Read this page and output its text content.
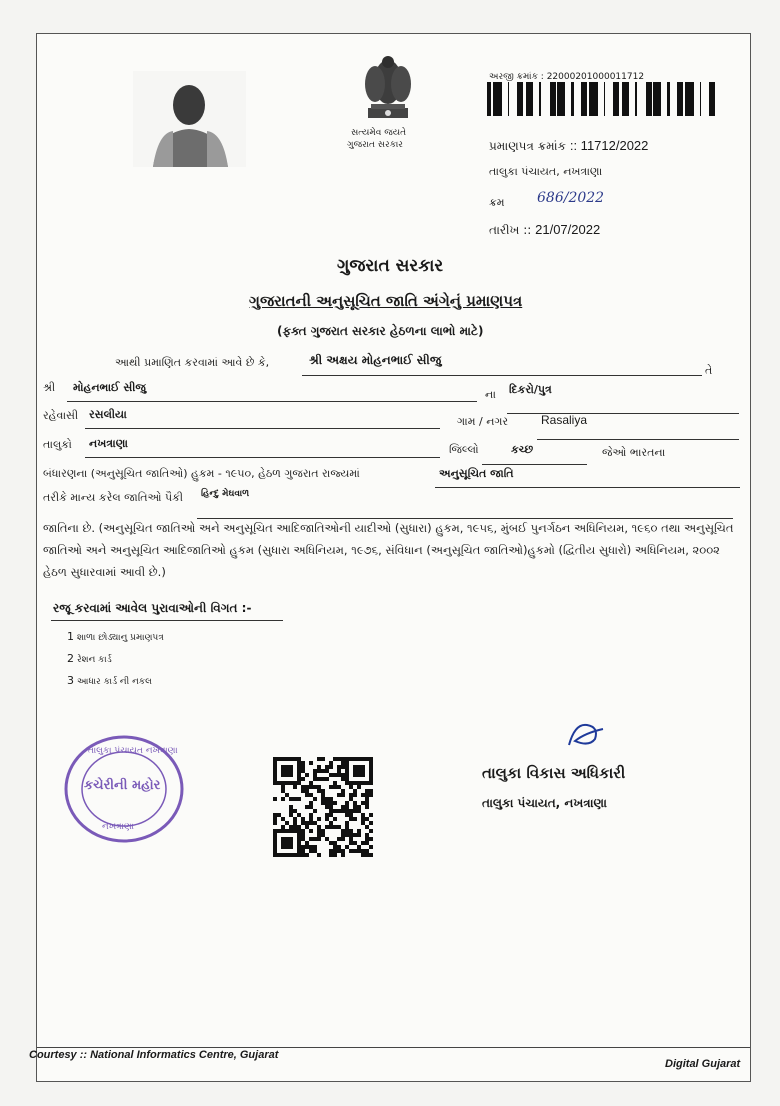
સત્યમેવ જયતે
ગુજરાત સરકાર
અરજી ક્રમાંક : 22000201000011712
પ્રમાણપત્ર ક્રમાંક :: 11712/2022
તાલુકા પંચાયત, નખત્રાણા
ક્રમ 686/2022
તારીખ :: 21/07/2022
ગુજરાત સરકાર
ગુજરાતની અનુસૂચિત જાતિ અંગેનું પ્રમાણપત્ર
(ફક્ત ગુજરાત સરકાર હેઠળના લાભો માટે)
આથી પ્રમાણિત કરવામાં આવે છે કે,	શ્રી અક્ષય મોહનભાઈ સીજુ
તે
શ્રી મોહનભાઈ સીજુ
ના દિકરો/પુત્ર
રહેવાસી રસલીયા
ગામ / નગર	Rasaliya
તાલુકો નખત્રાણા	જિલ્લો	કચ્છ	જેઓ ભારતના
બંધારણના (અનુસૂચિત જાતિઓ) હુકમ - ૧૯૫૦, હેઠળ ગુજરાત રાજ્યમાં	અનુસૂચિત જાતિ
તરીકે માન્ય કરેલ જાતિઓ પૈકી હિન્દુ મેઘવાળ
જાતિના છે. (અનુસૂચિત જાતિઓ અને અનુસૂચિત આદિજાતિઓની યાદીઓ (સુધારા) હુકમ, ૧૯૫૬, મુંબઈ પુનર્ગઠન અધિનિયમ, ૧૯૬૦ તથા અનુસૂચિત જાતિઓ અને અનુસૂચિત આદિજાતિઓ હુકમ (સુધારા અધિનિયમ, ૧૯૭૬, સંવિધાન (અનુસૂચિત જાતિઓ)હુકમો (દ્વિતીય સુધારો) અધિનિયમ, ૨૦૦૨ હેઠળ સુધારવામાં આવી છે.)
રજૂ કરવામાં આવેલ પુરાવાઓની વિગત :-
1 શાળા છોડ્યાનુ પ્રમાણપત્ર
2 રેશન કાર્ડ
3 આધાર કાર્ડ ની નકલ
તાલુકા પંચાયત નખત્રાણા
કચેરીની મહોર
નખત્રાણા
તાલુકા વિકાસ અધિકારી
તાલુકા પંચાયત, નખત્રાણા
Courtesy :: National Informatics Centre, Gujarat
Digital Gujarat
